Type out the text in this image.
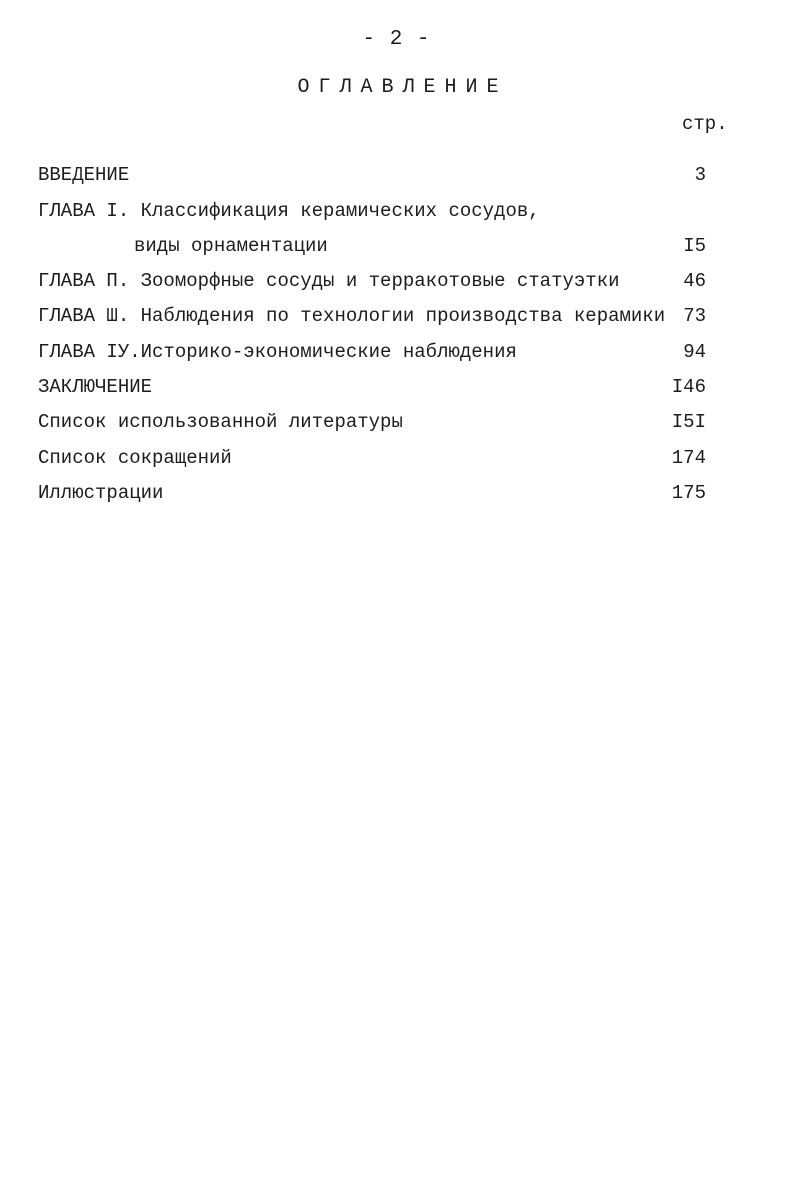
- 2 -
ОГЛАВЛЕНИЕ
стр.
ВВЕДЕНИЕ	3
ГЛАВА I. Классификация керамических сосудов,
виды орнаментации	I5
ГЛАВА П. Зооморфные сосуды и терракотовые статуэтки	46
ГЛАВА Ш. Наблюдения по технологии производства керамики 73
ГЛАВА IУ.Историко-экономические наблюдения	94
ЗАКЛЮЧЕНИЕ	I46
Список использованной литературы	I5I
Список сокращений	174
Иллюстрации	175
